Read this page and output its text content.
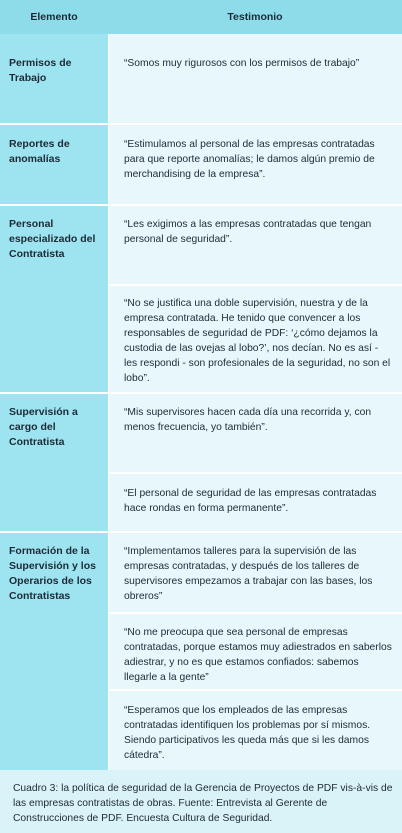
Elemento	Testimonio
Permisos de Trabajo
“Somos muy rigurosos con los permisos de trabajo”
Reportes de anomalías
“Estimulamos al personal de las empresas contratadas para que reporte anomalías; le damos algún premio de merchandising de la empresa”.
Personal especializado del Contratista
“Les exigimos a las empresas contratadas que tengan personal de seguridad”.
“No se justifica una doble supervisión, nuestra y de la empresa contratada. He tenido que convencer a los responsables de seguridad de PDF: ‘¿cómo dejamos la custodia de las ovejas al lobo?’, nos decían. No es así - les respondi - son profesionales de la seguridad, no son el lobo”.
Supervisión a cargo del Contratista
“Mis supervisores hacen cada día una recorrida y, con menos frecuencia, yo también”.
“El personal de seguridad de las empresas contratadas hace rondas en forma permanente”.
Formación de la Supervisión y los Operarios de los Contratistas
“Implementamos talleres para la supervisión de las empresas contratadas, y después de los talleres de supervisores empezamos a trabajar con las bases, los obreros”
“No me preocupa que sea personal de empresas contratadas, porque estamos muy adiestrados en saberlos adiestrar, y no es que estamos confiados: sabemos llegarle a la gente”
“Esperamos que los empleados de las empresas contratadas identifiquen los problemas por sí mismos. Siendo participativos les queda más que si les damos cátedra”.
Cuadro 3: la política de seguridad de la Gerencia de Proyectos de PDF vis-à-vis de las empresas contratistas de obras. Fuente: Entrevista al Gerente de Construcciones de PDF. Encuesta Cultura de Seguridad.
